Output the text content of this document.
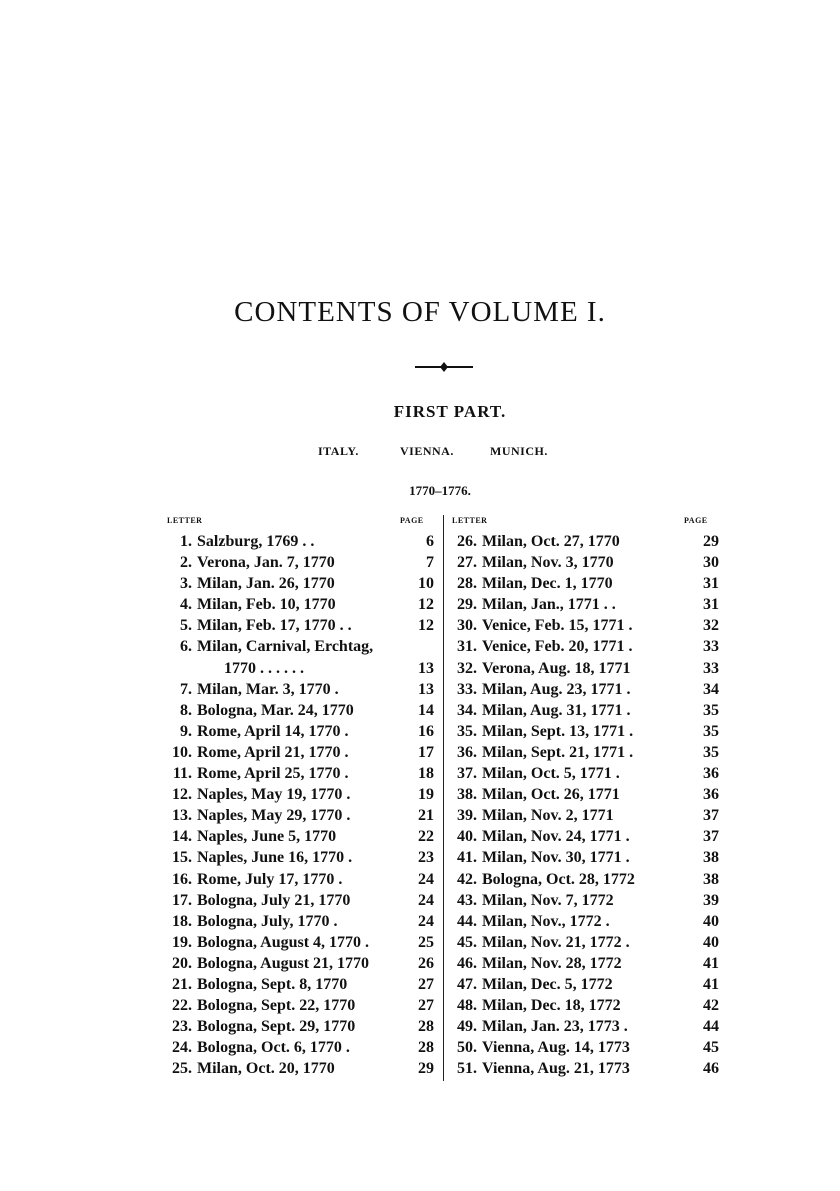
CONTENTS OF VOLUME I.
FIRST PART.
ITALY.	VIENNA.	MUNICH.
1770–1776.
LETTER	PAGE	LETTER	PAGE
1. Salzburg, 1769 . .	6
2. Verona, Jan. 7, 1770	7
3. Milan, Jan. 26, 1770	10
4. Milan, Feb. 10, 1770	12
5. Milan, Feb. 17, 1770 . .	12
6. Milan, Carnival, Erchtag,
1770 . . . . . .	13
7. Milan, Mar. 3, 1770 .	13
8. Bologna, Mar. 24, 1770	14
9. Rome, April 14, 1770 .	16
10. Rome, April 21, 1770 .	17
11. Rome, April 25, 1770 .	18
12. Naples, May 19, 1770 .	19
13. Naples, May 29, 1770 .	21
14. Naples, June 5, 1770	22
15. Naples, June 16, 1770 .	23
16. Rome, July 17, 1770 .	24
17. Bologna, July 21, 1770	24
18. Bologna, July, 1770 .	24
19. Bologna, August 4, 1770 .	25
20. Bologna, August 21, 1770	26
21. Bologna, Sept. 8, 1770	27
22. Bologna, Sept. 22, 1770	27
23. Bologna, Sept. 29, 1770	28
24. Bologna, Oct. 6, 1770 .	28
25. Milan, Oct. 20, 1770	29
26. Milan, Oct. 27, 1770	29
27. Milan, Nov. 3, 1770	30
28. Milan, Dec. 1, 1770	31
29. Milan, Jan., 1771 . .	31
30. Venice, Feb. 15, 1771 .	32
31. Venice, Feb. 20, 1771 .	33
32. Verona, Aug. 18, 1771	33
33. Milan, Aug. 23, 1771 .	34
34. Milan, Aug. 31, 1771 .	35
35. Milan, Sept. 13, 1771 .	35
36. Milan, Sept. 21, 1771 .	35
37. Milan, Oct. 5, 1771 .	36
38. Milan, Oct. 26, 1771	36
39. Milan, Nov. 2, 1771	37
40. Milan, Nov. 24, 1771 .	37
41. Milan, Nov. 30, 1771 .	38
42. Bologna, Oct. 28, 1772	38
43. Milan, Nov. 7, 1772	39
44. Milan, Nov., 1772 .	40
45. Milan, Nov. 21, 1772 .	40
46. Milan, Nov. 28, 1772	41
47. Milan, Dec. 5, 1772	41
48. Milan, Dec. 18, 1772	42
49. Milan, Jan. 23, 1773 .	44
50. Vienna, Aug. 14, 1773	45
51. Vienna, Aug. 21, 1773	46
